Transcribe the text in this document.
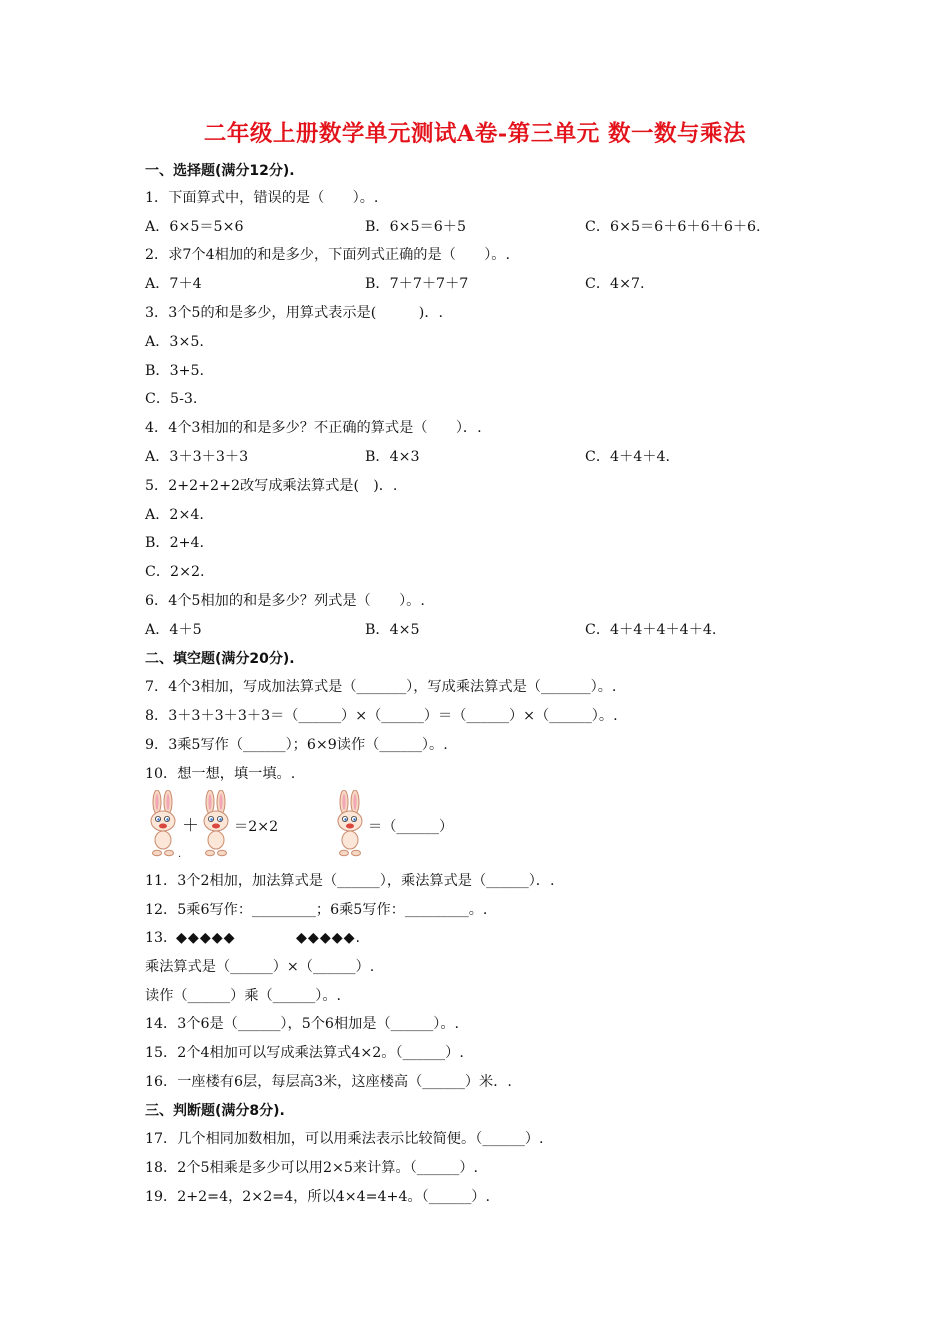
二年级上册数学单元测试A卷-第三单元 数一数与乘法
一、选择题(满分12分).
1．下面算式中，错误的是（　　）。.
A．6×5＝5×6	B．6×5＝6＋5	C．6×5＝6＋6＋6＋6＋6.
2．求7个4相加的和是多少，下面列式正确的是（　　）。.
A．7＋4	B．7＋7＋7＋7	C．4×7.
3．3个5的和是多少，用算式表示是(　　　)．.
A．3×5.
B．3+5.
C．5-3.
4．4个3相加的和是多少？不正确的算式是（　　）．.
A．3＋3＋3＋3	B．4×3	C．4＋4＋4.
5．2+2+2+2改写成乘法算式是(　)．.
A．2×4.
B．2+4.
C．2×2.
6．4个5相加的和是多少？列式是（　　）。.
A．4＋5	B．4×5	C．4＋4＋4＋4＋4.
二、填空题(满分20分).
7．4个3相加，写成加法算式是（_______），写成乘法算式是（_______）。.
8．3＋3＋3＋3＋3＝（______）×（______）＝（______）×（______）。.
9．3乘5写作（______）；6×9读作（______）。.
10．想一想，填一填。.
＋ ＝2×2	＝（______）
.
11．3个2相加，加法算式是（______），乘法算式是（______）．.
12．5乘6写作：_________；6乘5写作：_________。.
13．
◆◆◆◆◆	◆◆◆◆◆.
乘法算式是（______）×（______）.
读作（______）乘（______）。.
14．3个6是（______），5个6相加是（______）。.
15．2个4相加可以写成乘法算式4×2。（______）.
16．一座楼有6层，每层高3米，这座楼高（______）米．.
三、判断题(满分8分).
17．几个相同加数相加，可以用乘法表示比较简便。（______）.
18．2个5相乘是多少可以用2×5来计算。（______）.
19．2+2=4，2×2=4，所以4×4=4+4。（______）.
